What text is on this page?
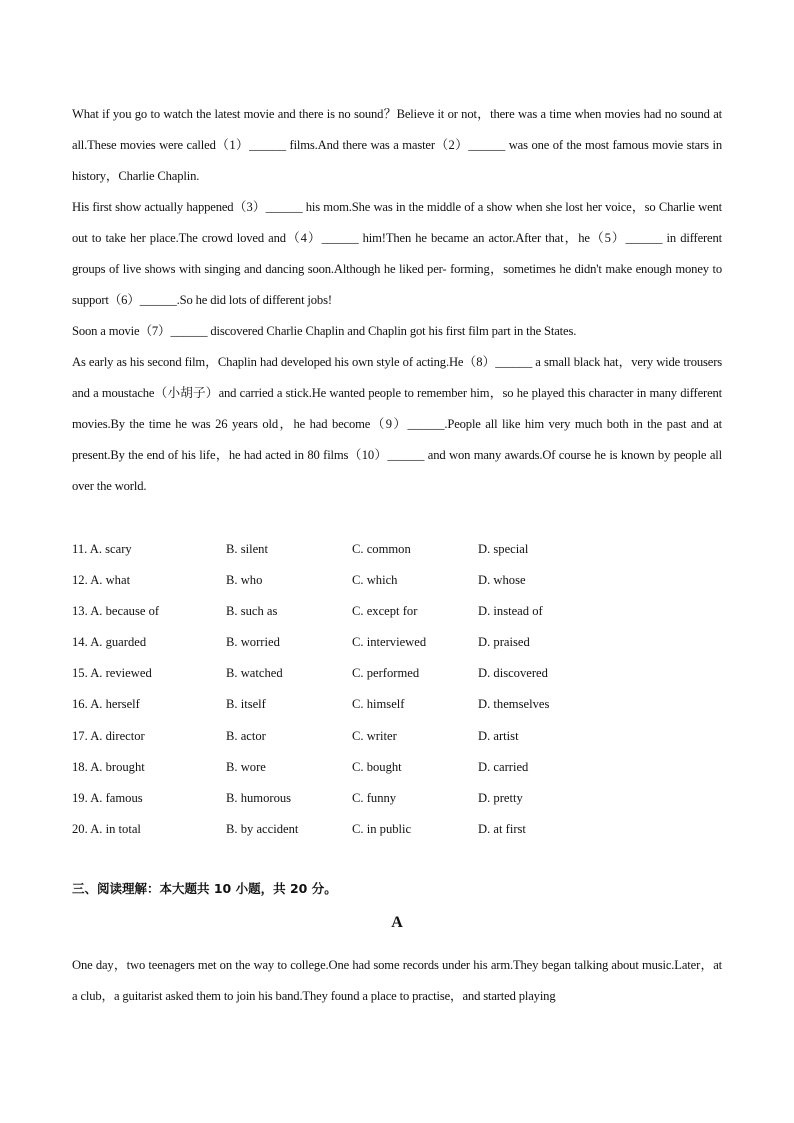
What if you go to watch the latest movie and there is no sound？Believe it or not，there was a time when movies had no sound at all.These movies were called（1）______ films.And there was a master（2）______ was one of the most famous movie stars in history，Charlie Chaplin.

His first show actually happened（3）______ his mom.She was in the middle of a show when she lost her voice，so Charlie went out to take her place.The crowd loved and（4）______ him!Then he became an actor.After that，he（5）______ in different groups of live shows with singing and dancing soon.Although he liked per- forming，sometimes he didn't make enough money to support（6）______.So he did lots of different jobs!

Soon a movie（7）______ discovered Charlie Chaplin and Chaplin got his first film part in the States.

As early as his second film，Chaplin had developed his own style of acting.He（8）______ a small black hat，very wide trousers and a moustache（小胡子）and carried a stick.He wanted people to remember him，so he played this character in many different movies.By the time he was 26 years old，he had become（9）______.People all like him very much both in the past and at present.By the end of his life，he had acted in 80 films（10）______ and won many awards.Of course he is known by people all over the world.

11. A. scary	B. silent	C. common	D. special
12. A. what	B. who	C. which	D. whose
13. A. because of	B. such as	C. except for	D. instead of
14. A. guarded	B. worried	C. interviewed	D. praised
15. A. reviewed	B. watched	C. performed	D. discovered
16. A. herself	B. itself	C. himself	D. themselves
17. A. director	B. actor	C. writer	D. artist
18. A. brought	B. wore	C. bought	D. carried
19. A. famous	B. humorous	C. funny	D. pretty
20. A. in total	B. by accident	C. in public	D. at first
三、阅读理解：本大题共 10 小题，共 20 分。
A

One day，two teenagers met on the way to college.One had some records under his arm.They began talking about music.Later，at a club，a guitarist asked them to join his band.They found a place to practise，and started playing
